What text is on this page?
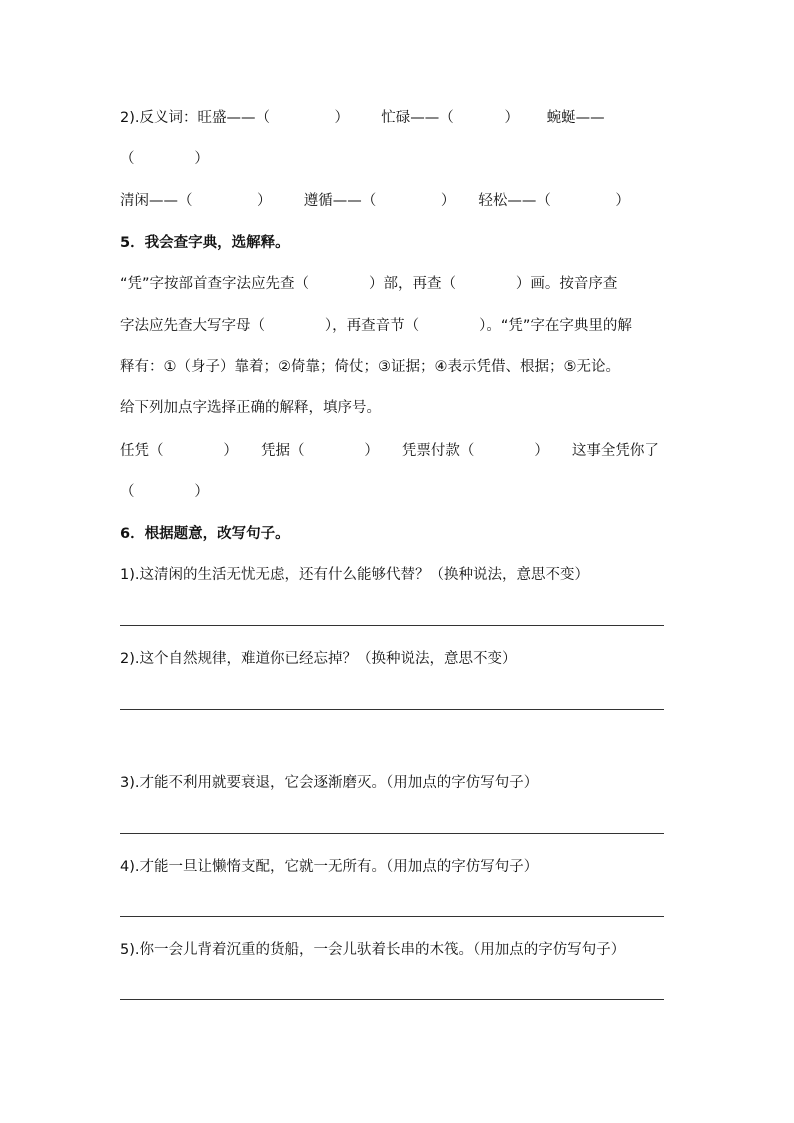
2).反义词：旺盛——（              ）       忙碌——（           ）      蜿蜒——
（             ）
清闲——（              ）       遵循——（              ）     轻松——（              ）
5．我会查字典，选解释。
“凭”字按部首查字法应先查（             ）部，再查（             ）画。按音序查
字法应先查大写字母（             ），再查音节（             ）。“凭”字在字典里的解
释有：①（身子）靠着；②倚靠；倚仗；③证据；④表示凭借、根据；⑤无论。
给下列加点字选择正确的解释，填序号。
任凭（             ）     凭据（             ）     凭票付款（             ）     这事全凭你了
（             ）
6．根据题意，改写句子。
1).这清闲的生活无忧无虑，还有什么能够代替？（换种说法，意思不变）
2).这个自然规律，难道你已经忘掉？（换种说法，意思不变）
3).才能不利用就要衰退，它会逐渐磨灭。（用加点的字仿写句子）
4).才能一旦让懒惰支配，它就一无所有。（用加点的字仿写句子）
5).你一会儿背着沉重的货船，一会儿驮着长串的木筏。（用加点的字仿写句子）
